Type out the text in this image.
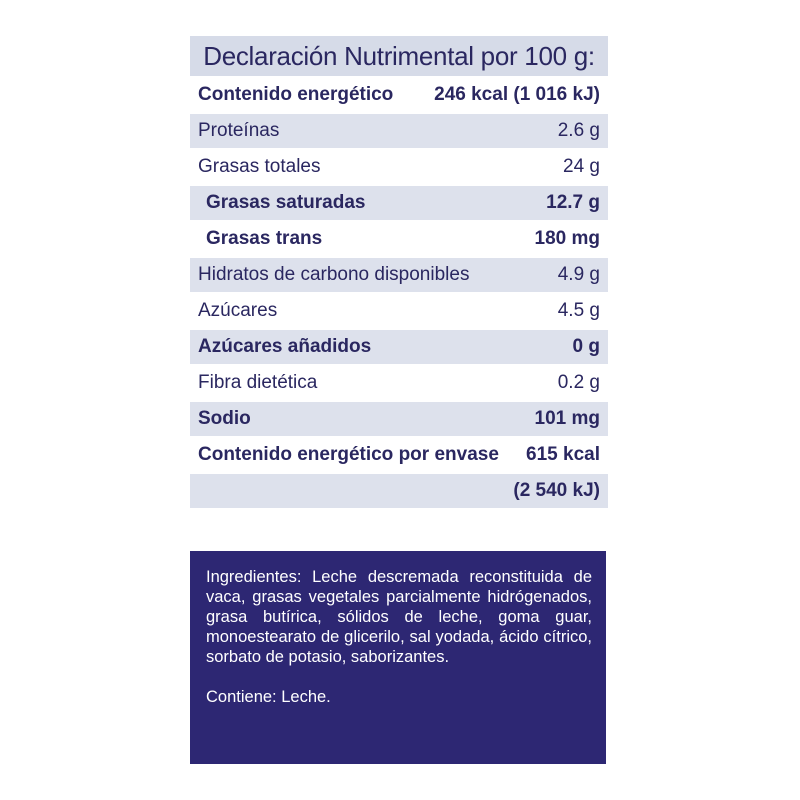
Declaración Nutrimental por 100 g:
Contenido energético 246 kcal (1 016 kJ)
Proteínas	2.6 g
Grasas totales	24 g
Grasas saturadas	12.7 g
Grasas trans	180 mg
Hidratos de carbono disponibles	4.9 g
Azúcares	4.5 g
Azúcares añadidos	0 g
Fibra dietética	0.2 g
Sodio	101 mg
Contenido energético por envase 615 kcal
(2 540 kJ)

Ingredientes: Leche descremada reconstituida de vaca, grasas vegetales parcialmente hidrógenados, grasa butírica, sólidos de leche, goma guar, monoestearato de glicerilo, sal yodada, ácido cítrico, sorbato de potasio, saborizantes.

Contiene: Leche.
